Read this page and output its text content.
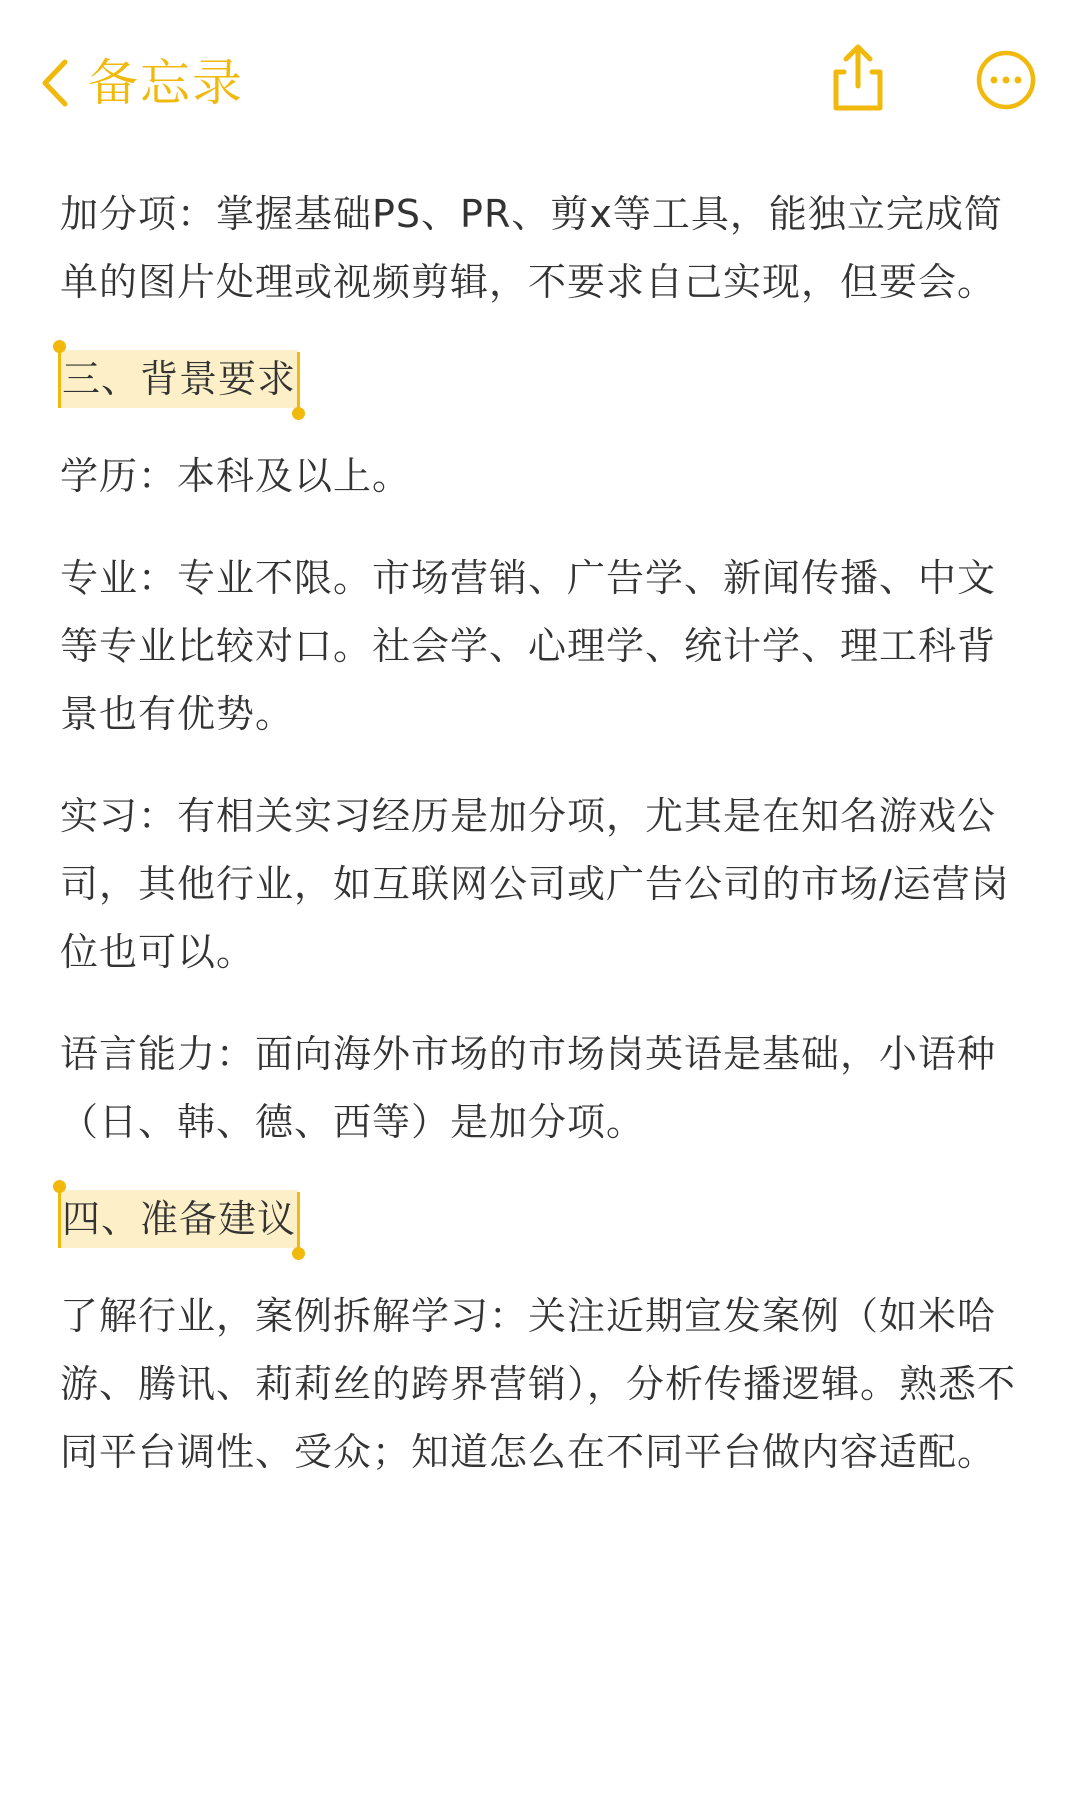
备忘录

加分项：掌握基础PS、PR、剪x等工具，能独立完成简单的图片处理或视频剪辑，不要求自己实现，但要会。

三、背景要求

学历：本科及以上。

专业：专业不限。市场营销、广告学、新闻传播、中文等专业比较对口。社会学、心理学、统计学、理工科背景也有优势。

实习：有相关实习经历是加分项，尤其是在知名游戏公司，其他行业，如互联网公司或广告公司的市场/运营岗位也可以。

语言能力：面向海外市场的市场岗英语是基础，小语种（日、韩、德、西等）是加分项。

四、准备建议

了解行业，案例拆解学习：关注近期宣发案例（如米哈游、腾讯、莉莉丝的跨界营销），分析传播逻辑。熟悉不同平台调性、受众；知道怎么在不同平台做内容适配。
